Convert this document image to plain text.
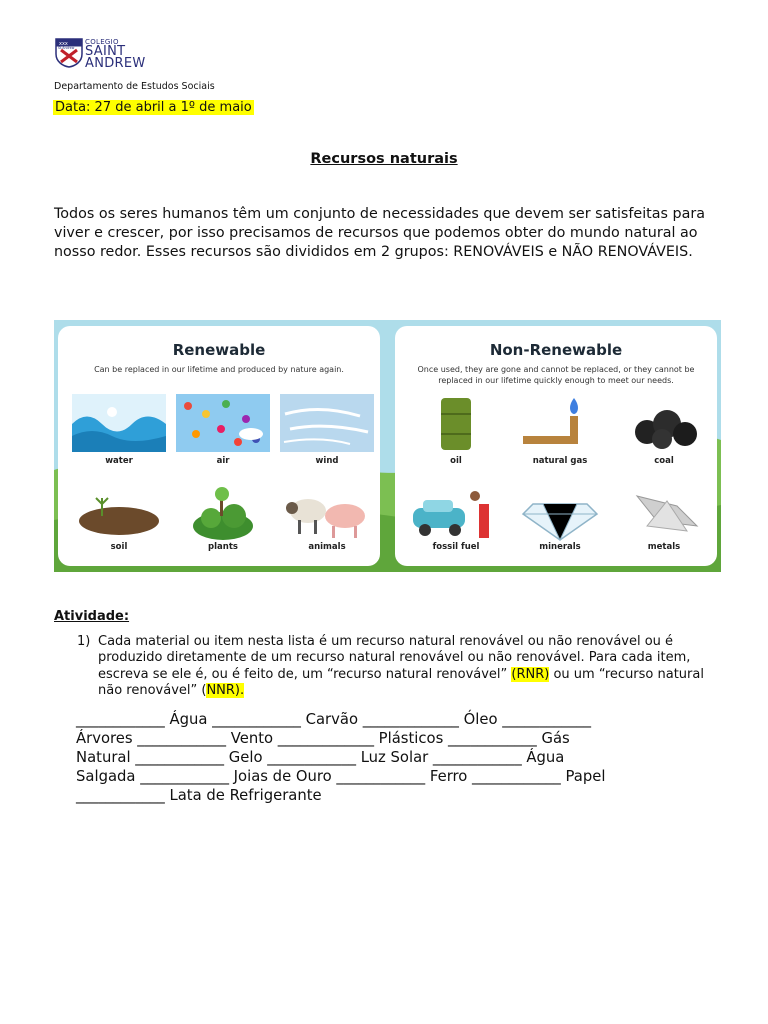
xxx
St.Andrew
COLEGIO
SAINT
ANDREW
Departamento de Estudos Sociais
Data: 27 de abril a 1º de maio
Recursos naturais
Todos os seres humanos têm um conjunto de necessidades que devem ser satisfeitas para viver e crescer, por isso precisamos de recursos que podemos obter do mundo natural ao nosso redor. Esses recursos são divididos em 2 grupos: RENOVÁVEIS e NÃO RENOVÁVEIS.
Renewable
Can be replaced in our lifetime and produced by nature again.
water	air	wind
soil	plants	animals
Non-Renewable
Once used, they are gone and cannot be replaced, or they cannot be replaced in our lifetime quickly enough to meet our needs.
oil	natural gas	coal
fossil fuel	minerals	metals
Atividade:
1) Cada material ou item nesta lista é um recurso natural renovável ou não renovável ou é produzido diretamente de um recurso natural renovável ou não renovável. Para cada item, escreva se ele é, ou é feito de, um “recurso natural renovável” (RNR) ou um “recurso natural não renovável” (NNR).
____________ Água ____________ Carvão _____________ Óleo ____________
Árvores ____________ Vento _____________ Plásticos ____________ Gás
Natural ____________ Gelo ____________ Luz Solar ____________ Água
Salgada ____________ Joias de Ouro ____________ Ferro ____________ Papel
____________ Lata de Refrigerante
